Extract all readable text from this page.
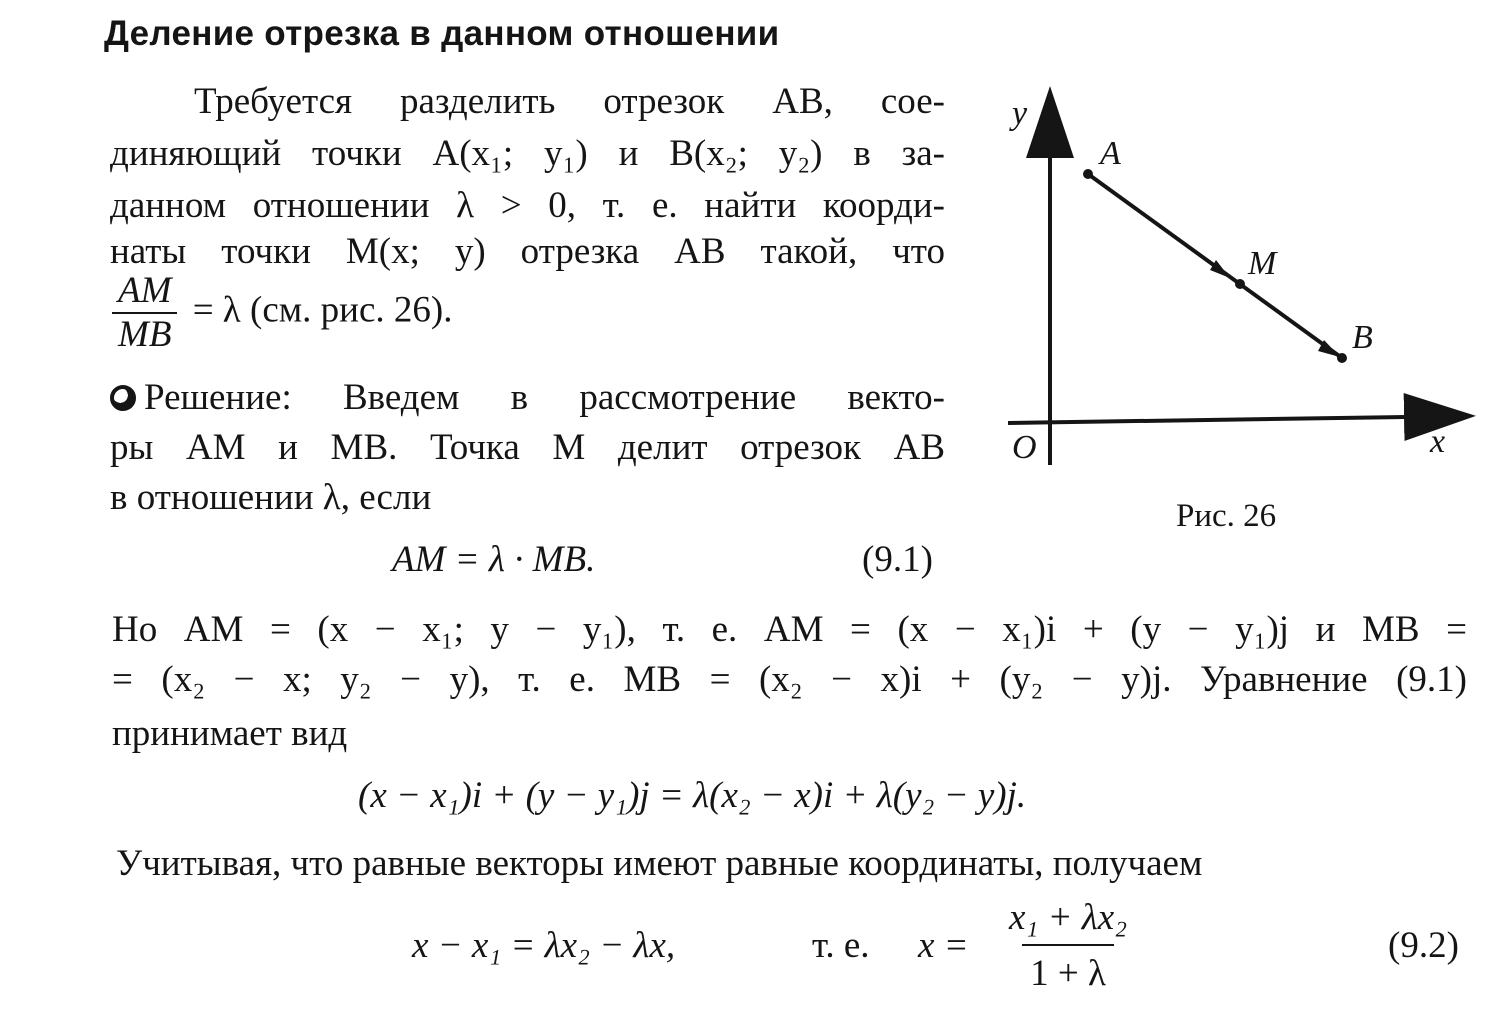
Деление отрезка в данном отношении
Требуется разделить отрезок AB, сое-
диняющий точки A(x₁; y₁) и B(x₂; y₂) в за-
данном отношении λ > 0, т. е. найти коорди-
наты точки M(x; y) отрезка AB такой, что
$\frac{AM}{MB} = \lambda$ (см. рис. 26).
Решение: Введем в рассмотрение векто-
ры AM и MB. Точка M делит отрезок AB
в отношении λ, если
AM = λ · MB.	(9.1)
Но AM = (x − x₁; y − y₁), т. е. AM = (x − x₁)i + (y − y₁)j и MB =
= (x₂ − x; y₂ − y), т. е. MB = (x₂ − x)i + (y₂ − y)j. Уравнение (9.1)
принимает вид
(x − x₁)i + (y − y₁)j = λ(x₂ − x)i + λ(y₂ − y)j.
Учитывая, что равные векторы имеют равные координаты, получаем
x − x₁ = λx₂ − λx,	т. е. $x = \frac{\text{x₁ + λx₂}}{1 + \lambda}$	(9.2)
y
x
O
A
M
B
Рис. 26
